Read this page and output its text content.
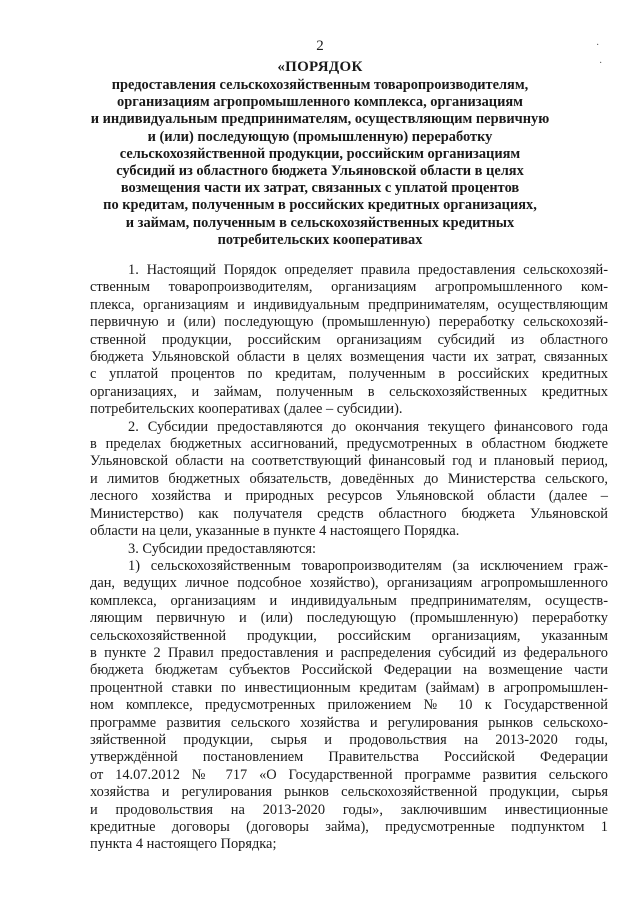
2
«ПОРЯДОК
предоставления сельскохозяйственным товаропроизводителям,
организациям агропромышленного комплекса, организациям
и индивидуальным предпринимателям, осуществляющим первичную
и (или) последующую (промышленную) переработку
сельскохозяйственной продукции, российским организациям
субсидий из областного бюджета Ульяновской области в целях
возмещения части их затрат, связанных с уплатой процентов
по кредитам, полученным в российских кредитных организациях,
и займам, полученным в сельскохозяйственных кредитных
потребительских кооперативах

1. Настоящий Порядок определяет правила предоставления сельскохозяй-
ственным товаропроизводителям, организациям агропромышленного ком-
плекса, организациям и индивидуальным предпринимателям, осуществляющим
первичную и (или) последующую (промышленную) переработку сельскохозяй-
ственной продукции, российским организациям субсидий из областного
бюджета Ульяновской области в целях возмещения части их затрат, связанных
с уплатой процентов по кредитам, полученным в российских кредитных
организациях, и займам, полученным в сельскохозяйственных кредитных
потребительских кооперативах (далее – субсидии).

2. Субсидии предоставляются до окончания текущего финансового года
в пределах бюджетных ассигнований, предусмотренных в областном бюджете
Ульяновской области на соответствующий финансовый год и плановый период,
и лимитов бюджетных обязательств, доведённых до Министерства сельского,
лесного хозяйства и природных ресурсов Ульяновской области (далее –
Министерство) как получателя средств областного бюджета Ульяновской
области на цели, указанные в пункте 4 настоящего Порядка.

3. Субсидии предоставляются:

1) сельскохозяйственным товаропроизводителям (за исключением граж-
дан, ведущих личное подсобное хозяйство), организациям агропромышленного
комплекса, организациям и индивидуальным предпринимателям, осуществ-
ляющим первичную и (или) последующую (промышленную) переработку
сельскохозяйственной продукции, российским организациям, указанным
в пункте 2 Правил предоставления и распределения субсидий из федерального
бюджета бюджетам субъектов Российской Федерации на возмещение части
процентной ставки по инвестиционным кредитам (займам) в агропромышлен-
ном комплексе, предусмотренных приложением № 10 к Государственной
программе развития сельского хозяйства и регулирования рынков сельскохо-
зяйственной продукции, сырья и продовольствия на 2013-2020 годы,
утверждённой постановлением Правительства Российской Федерации
от 14.07.2012 № 717 «О Государственной программе развития сельского
хозяйства и регулирования рынков сельскохозяйственной продукции, сырья
и продовольствия на 2013-2020 годы», заключившим инвестиционные
кредитные договоры (договоры займа), предусмотренные подпунктом 1
пункта 4 настоящего Порядка;

·
·
